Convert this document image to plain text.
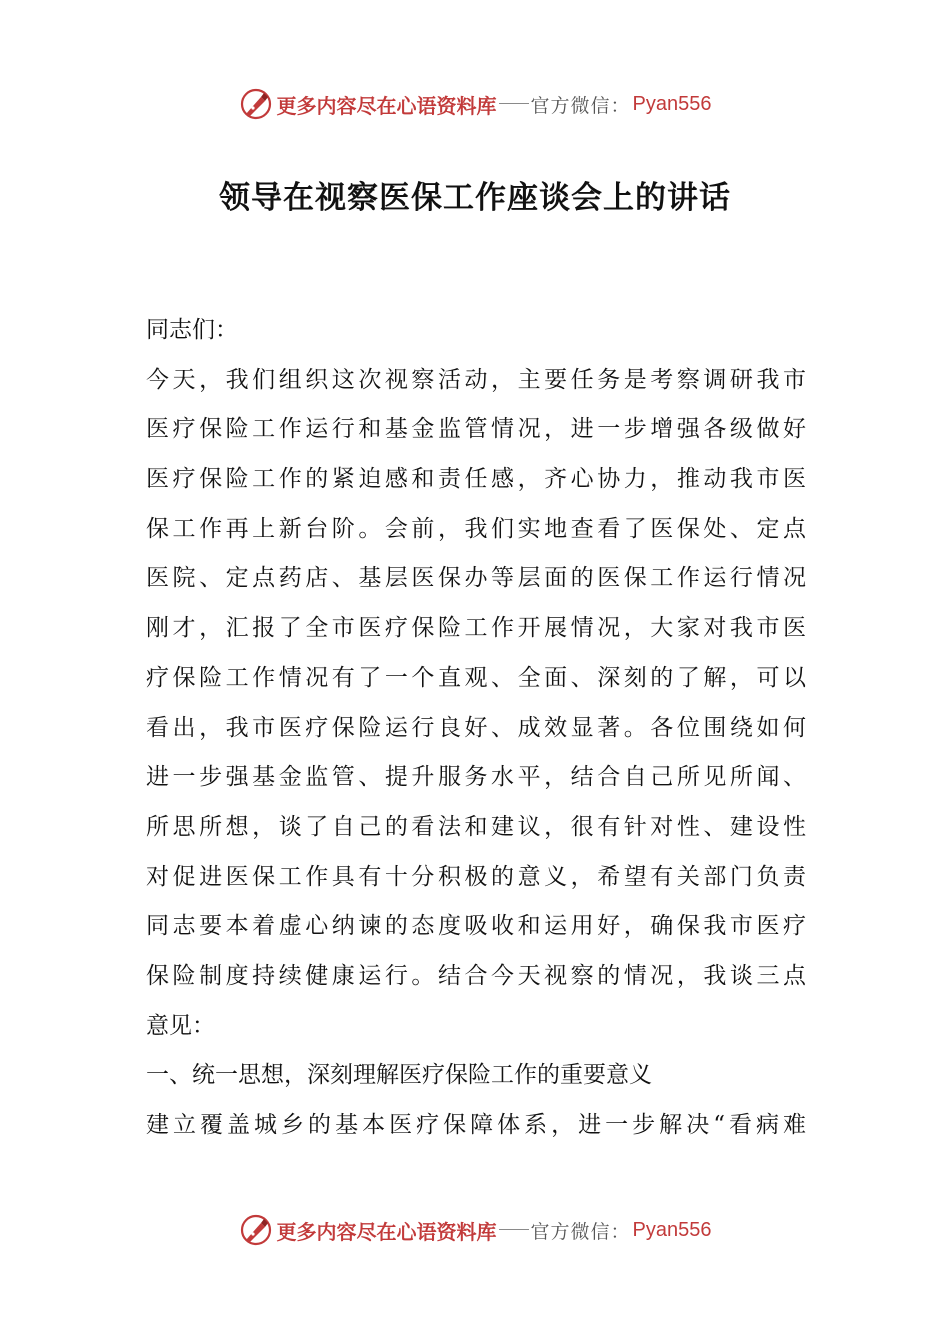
更多内容尽在心语资料库 官方微信： Pyan556
领导在视察医保工作座谈会上的讲话
同志们：
今天，我们组织这次视察活动，主要任务是考察调研我市
医疗保险工作运行和基金监管情况，进一步增强各级做好
医疗保险工作的紧迫感和责任感，齐心协力，推动我市医
保工作再上新台阶。会前，我们实地查看了医保处、定点
医院、定点药店、基层医保办等层面的医保工作运行情况
刚才，汇报了全市医疗保险工作开展情况，大家对我市医
疗保险工作情况有了一个直观、全面、深刻的了解，可以
看出，我市医疗保险运行良好、成效显著。各位围绕如何
进一步强基金监管、提升服务水平，结合自己所见所闻、
所思所想，谈了自己的看法和建议，很有针对性、建设性
对促进医保工作具有十分积极的意义，希望有关部门负责
同志要本着虚心纳谏的态度吸收和运用好，确保我市医疗
保险制度持续健康运行。结合今天视察的情况，我谈三点
意见：
一、统一思想，深刻理解医疗保险工作的重要意义
建立覆盖城乡的基本医疗保障体系，进一步解决“看病难
更多内容尽在心语资料库 官方微信： Pyan556
